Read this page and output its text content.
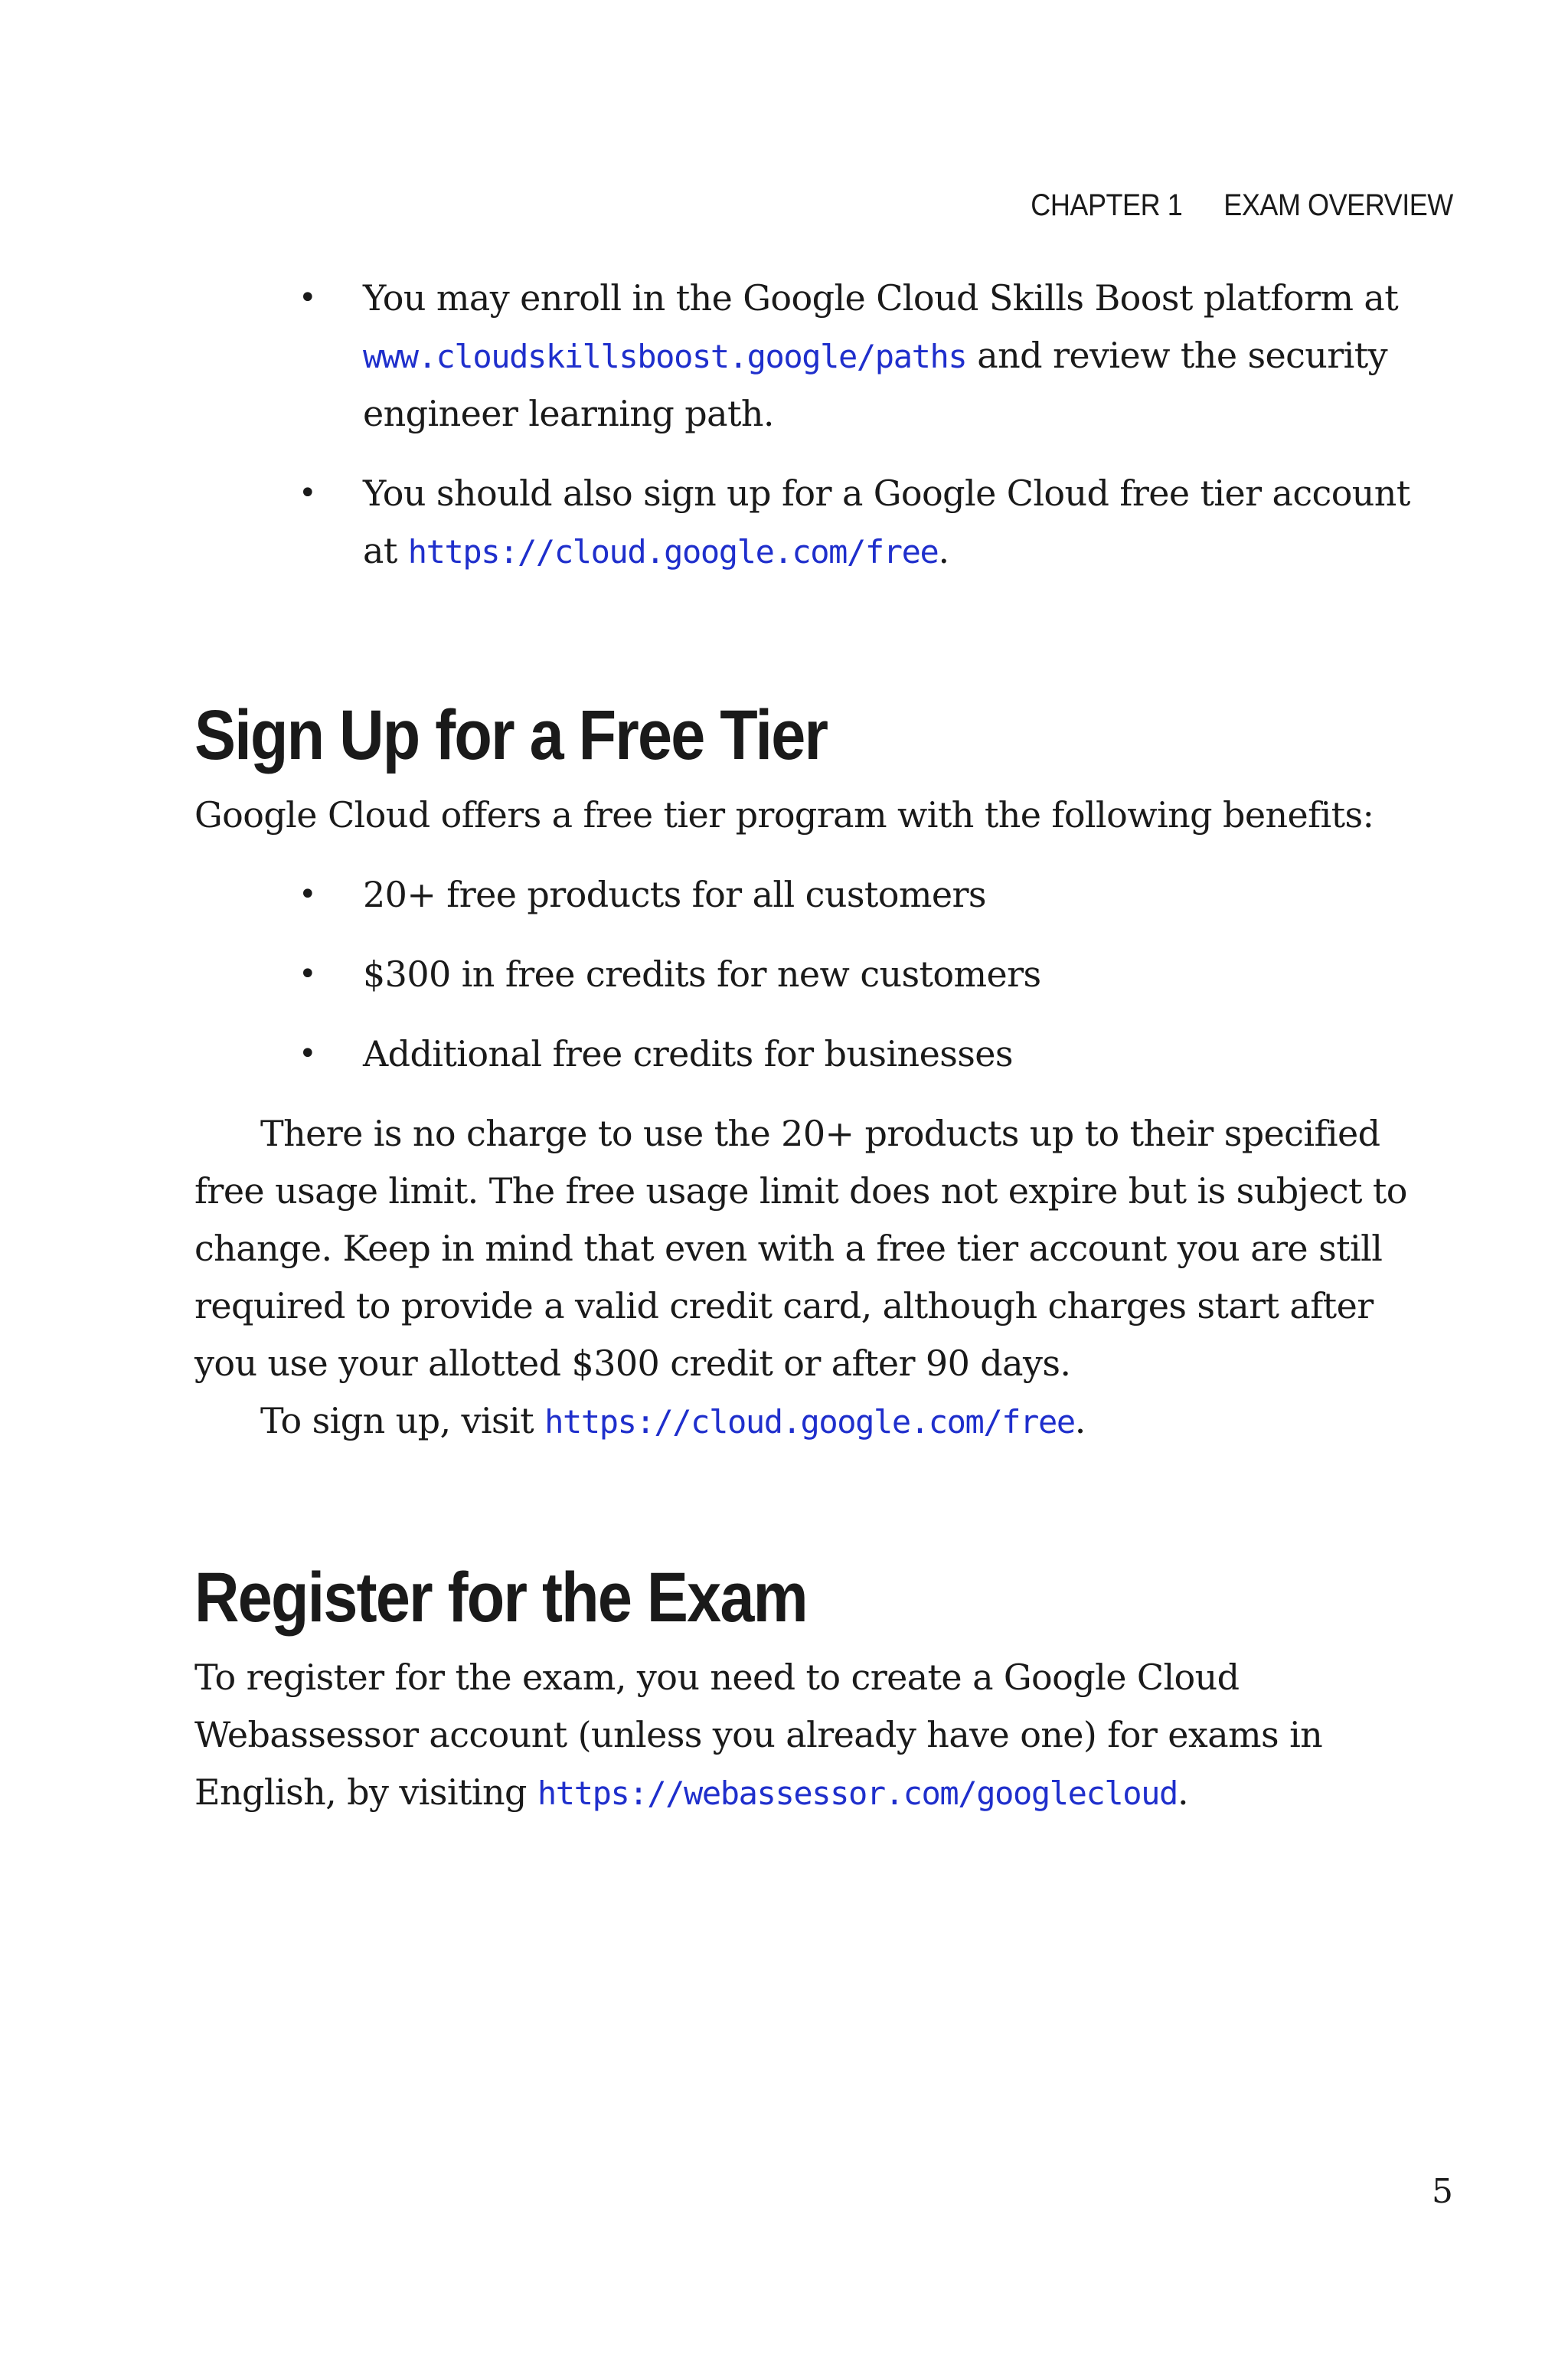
CHAPTER 1 EXAM OVERVIEW
• You may enroll in the Google Cloud Skills Boost platform at www.cloudskillsboost.google/paths and review the security engineer learning path.
• You should also sign up for a Google Cloud free tier account at https://cloud.google.com/free.
Sign Up for a Free Tier

Google Cloud offers a free tier program with the following benefits:

• 20+ free products for all customers
• $300 in free credits for new customers
• Additional free credits for businesses

There is no charge to use the 20+ products up to their specified free usage limit. The free usage limit does not expire but is subject to change. Keep in mind that even with a free tier account you are still required to provide a valid credit card, although charges start after you use your allotted $300 credit or after 90 days.

To sign up, visit https://cloud.google.com/free.

Register for the Exam

To register for the exam, you need to create a Google Cloud Webassessor account (unless you already have one) for exams in English, by visiting https://webassessor.com/googlecloud.

5
